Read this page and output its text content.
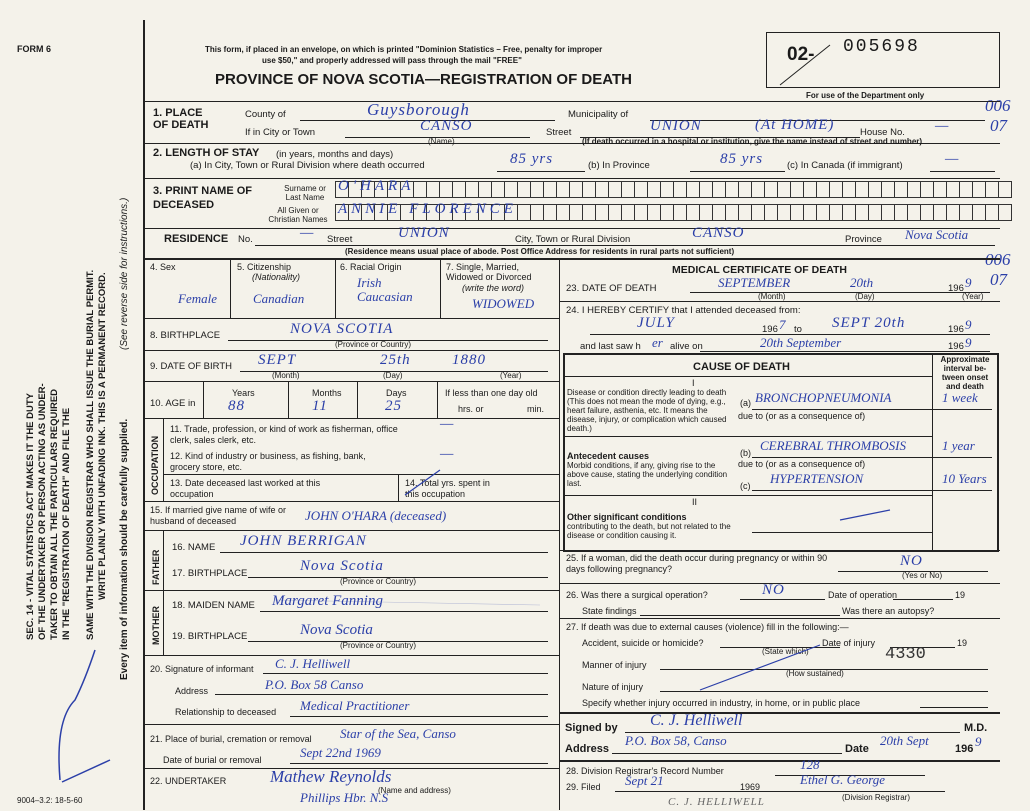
FORM 6	This form, if placed in an envelope, on which is printed "Dominion Statistics – Free, penalty for improper
use $50," and properly addressed will pass through the mail "FREE"
PROVINCE OF NOVA SCOTIA—REGISTRATION OF DEATH
02- 005698
For use of the Department only
006
07
006
07
SEC. 14 - VITAL STATISTICS ACT MAKES IT THE DUTY OF THE UNDERTAKER OR PERSON ACTING AS UNDER- TAKER TO OBTAIN ALL THE PARTICULARS REQUIRED IN THE "REGISTRATION OF DEATH" AND FILE THE SAME WITH THE DIVISION REGISTRAR WHO SHALL ISSUE THE BURIAL PERMIT. WRITE PLAINLY WITH UNFADING INK. THIS IS A PERMANENT RECORD. Every item of information should be carefully supplied.
(See reverse side for instructions.)
1. PLACE OF DEATH
County of	Guysborough	Municipality of
If in City or Town	CANSO
(Name)
Street	UNION	(At HOME)	House No. —
(If death occurred in a hospital or institution, give the name instead of street and number)
2. LENGTH OF STAY (in years, months and days)
(a) In City, Town or Rural Division where death occurred	85 yrs	(b) In Province	85 yrs	(c) In Canada (if immigrant)	—
3. PRINT NAME OF DECEASED
Surname or Last Name
O'HARA
All Given or Christian Names
ANNIE FLORENCE
RESIDENCE No.	— Street	UNION	City, Town or Rural Division	CANSO	Province Nova Scotia
(Residence means usual place of abode. Post Office Address for residents in rural parts not sufficient)
4. Sex
Female
5. Citizenship
(Nationality)
Canadian
6. Racial Origin
Irish Caucasian
7. Single, Married, Widowed or Divorced
(write the word)
WIDOWED
8. BIRTHPLACE	NOVA SCOTIA
(Province or Country)
9. DATE OF BIRTH SEPT	25th	1880
(Month)	(Day)	(Year)
10. AGE in
Years	Months	Days
88	11	25
If less than one day old
hrs. or	min.
OCCUPATION
11. Trade, profession, or kind of work as fisherman, office clerk, sales clerk, etc.
—
12. Kind of industry or business, as fishing, bank, grocery store, etc.
—
13. Date deceased last worked at this occupation
14. Total yrs. spent in this occupation
15. If married give name of wife or husband of deceased	JOHN O'HARA (deceased)
FATHER
16. NAME JOHN BERRIGAN
17. BIRTHPLACE	Nova Scotia
(Province or Country)
MOTHER
18. MAIDEN NAME Margaret Fanning
19. BIRTHPLACE	Nova Scotia
(Province or Country)
20. Signature of informant C. J. Helliwell
Address	P.O. Box 58 Canso
Relationship to deceased Medical Practitioner
21. Place of burial, cremation or removal Star of the Sea, Canso
Date of burial or removal	Sept 22nd 1969
22. UNDERTAKER	Mathew Reynolds
Phillips Hbr. N.S
(Name and address)
MEDICAL CERTIFICATE OF DEATH
23. DATE OF DEATH	SEPTEMBER	20th	196 9
(Month)	(Day)	(Year)
24. I HEREBY CERTIFY that I attended deceased from:
JULY	196 7 to SEPT 20th	196 9
and last saw h er alive on	20th September	196 9
CAUSE OF DEATH
Approximate interval be-tween onset and death
I
Disease or condition directly leading to death (This does not mean the mode of dying, e.g., heart failure, asthenia, etc. It means the disease, injury, or complication which caused death.)
(a) BRONCHOPNEUMONIA	1 week
due to (or as a consequence of)
Antecedent causes
Morbid conditions, if any, giving rise to the above cause, stating the underlying condition last.
(b) CEREBRAL THROMBOSIS	1 year
due to (or as a consequence of)
(c) HYPERTENSION	10 Years
II
Other significant conditions
contributing to the death, but not related to the disease or condition causing it.
25. If a woman, did the death occur during pregnancy or within 90 days following pregnancy?	NO
(Yes or No)
26. Was there a surgical operation?	NO	Date of operation	19
State findings	Was there an autopsy?
27. If death was due to external causes (violence) fill in the following:—
Accident, suicide or homicide?
(State which)
Date of injury	19
Manner of injury
4330
(How sustained)
Nature of injury
Specify whether injury occurred in industry, in home, or in public place
Signed by C. J. Helliwell	M.D.
Address
P.O. Box 58, Canso
Date
20th Sept
196 9
28. Division Registrar's Record Number	128
29. Filed Sept 21	1969	Ethel G. George
(Division Registrar)
9004–3.2: 18-5-60	C. J. HELLIWELL
